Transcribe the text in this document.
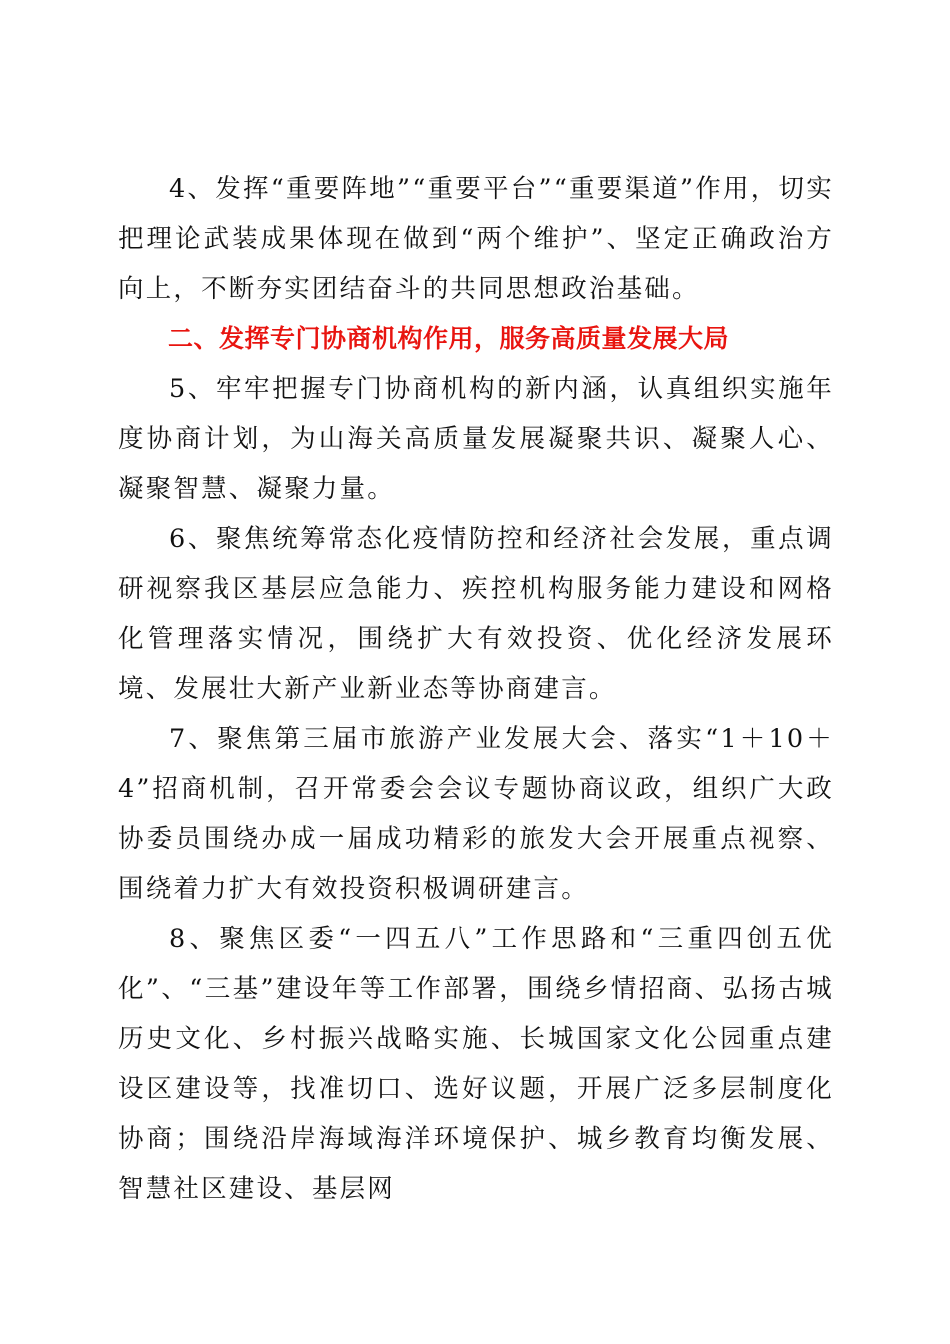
4、发挥“重要阵地”“重要平台”“重要渠道”作用，切实把理论武装成果体现在做到“两个维护”、坚定正确政治方向上，不断夯实团结奋斗的共同思想政治基础。

二、发挥专门协商机构作用，服务高质量发展大局

5、牢牢把握专门协商机构的新内涵，认真组织实施年度协商计划，为山海关高质量发展凝聚共识、凝聚人心、凝聚智慧、凝聚力量。

6、聚焦统筹常态化疫情防控和经济社会发展，重点调研视察我区基层应急能力、疾控机构服务能力建设和网格化管理落实情况，围绕扩大有效投资、优化经济发展环境、发展壮大新产业新业态等协商建言。

7、聚焦第三届市旅游产业发展大会、落实“1＋10＋4”招商机制，召开常委会会议专题协商议政，组织广大政协委员围绕办成一届成功精彩的旅发大会开展重点视察、围绕着力扩大有效投资积极调研建言。

8、聚焦区委“一四五八”工作思路和“三重四创五优化”、“三基”建设年等工作部署，围绕乡情招商、弘扬古城历史文化、乡村振兴战略实施、长城国家文化公园重点建设区建设等，找准切口、选好议题，开展广泛多层制度化协商；围绕沿岸海域海洋环境保护、城乡教育均衡发展、智慧社区建设、基层网
